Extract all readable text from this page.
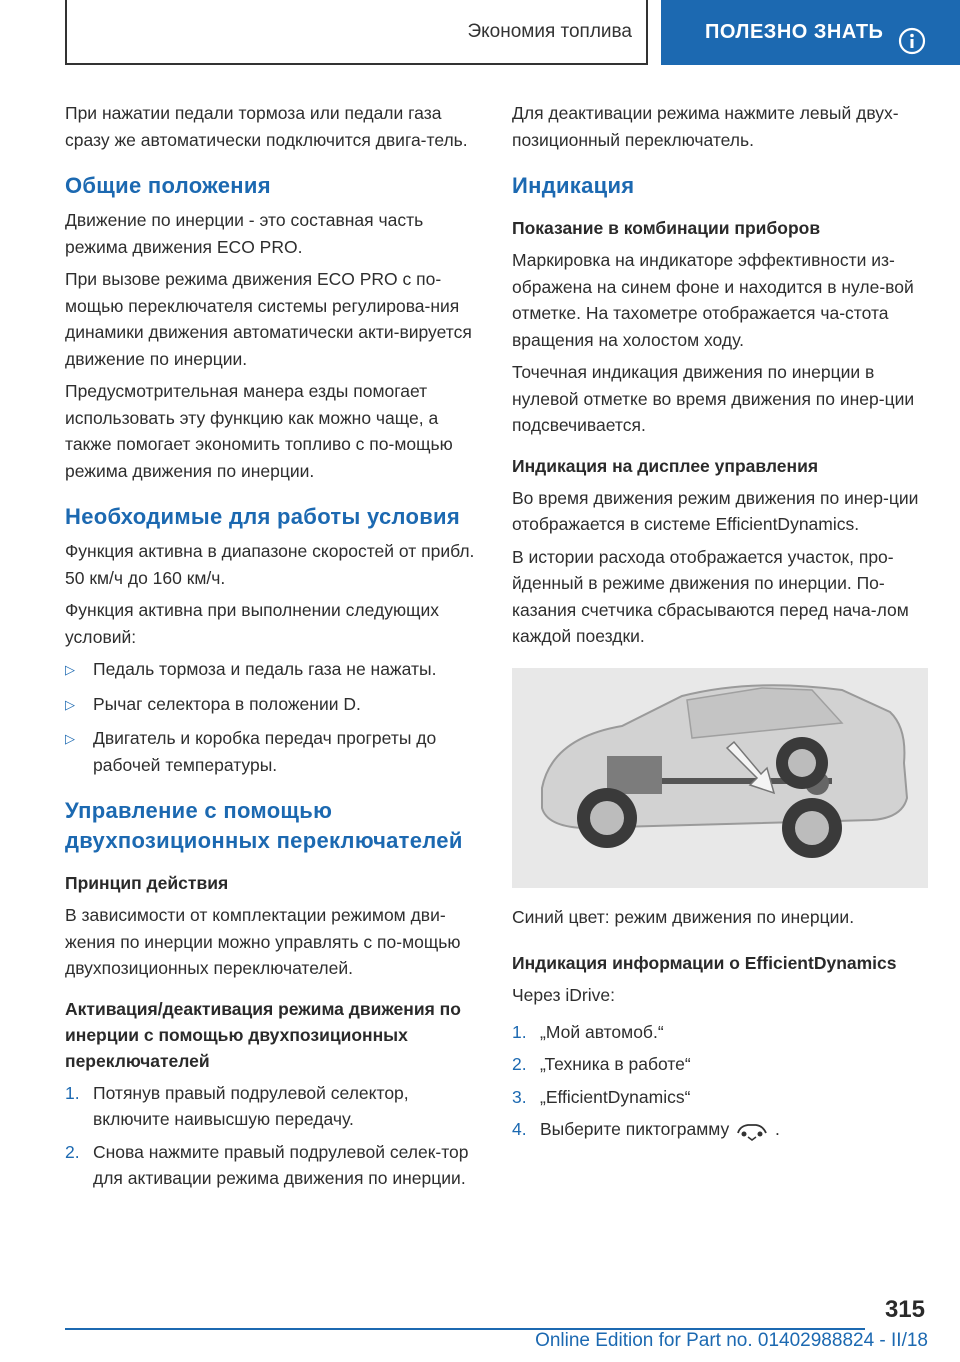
Экономия топлива	ПОЛЕЗНО ЗНАТЬ

При нажатии педали тормоза или педали газа сразу же автоматически подключится двига-тель.

Общие положения

Движение по инерции - это составная часть режима движения ECO PRO.

При вызове режима движения ECO PRO с по-мощью переключателя системы регулирова-ния динамики движения автоматически акти-вируется движение по инерции.

Предусмотрительная манера езды помогает использовать эту функцию как можно чаще, а также помогает экономить топливо с по-мощью режима движения по инерции.

Необходимые для работы условия

Функция активна в диапазоне скоростей от прибл. 50 км/ч до 160 км/ч.

Функция активна при выполнении следующих условий:

▷	Педаль тормоза и педаль газа не нажаты.
▷	Рычаг селектора в положении D.
▷	Двигатель и коробка передач прогреты до рабочей температуры.
Управление с помощью двухпозиционных переключателей
Принцип действия

В зависимости от комплектации режимом дви-жения по инерции можно управлять с по-мощью двухпозиционных переключателей.

Активация/деактивация режима движения по инерции с помощью двухпозиционных переключателей
1. Потянув правый подрулевой селектор, включите наивысшую передачу.
2. Снова нажмите правый подрулевой селек-тор для активации режима движения по инерции.

Для деактивации режима нажмите левый двух-позиционный переключатель.

Индикация
Показание в комбинации приборов

Маркировка на индикаторе эффективности из-ображена на синем фоне и находится в нуле-вой отметке. На тахометре отображается ча-стота вращения на холостом ходу.

Точечная индикация движения по инерции в нулевой отметке во время движения по инер-ции подсвечивается.

Индикация на дисплее управления

Во время движения режим движения по инер-ции отображается в системе EfficientDynamics.

В истории расхода отображается участок, про-йденный в режиме движения по инерции. По-казания счетчика сбрасываются перед нача-лом каждой поездки.

Синий цвет: режим движения по инерции.

Индикация информации о EfficientDynamics

Через iDrive:

1. „Мой автомоб.“
2. „Техника в работе“
3. „EfficientDynamics“
4. Выберите пиктограмму	.
315
Online Edition for Part no. 01402988824 - II/18
